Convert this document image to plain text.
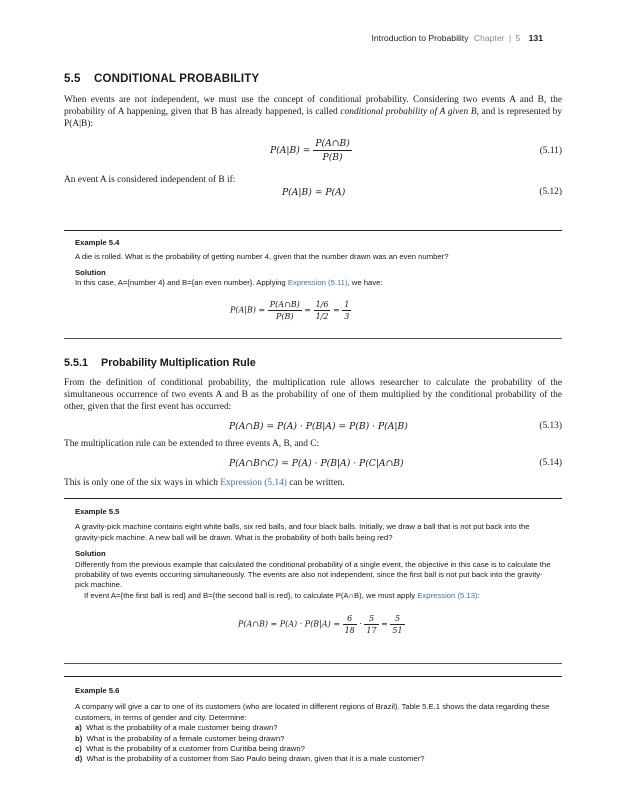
Introduction to Probability Chapter | 5 131
5.5 CONDITIONAL PROBABILITY
When events are not independent, we must use the concept of conditional probability. Considering two events A and B, the probability of A happening, given that B has already happened, is called conditional probability of A given B, and is represented by P(A|B):
$P(A|B) = \frac{P(A\cap B)}{P(B)}$	(5.11)
An event A is considered independent of B if:
P(A|B) = P(A)	(5.12)
Example 5.4
A die is rolled. What is the probability of getting number 4, given that the number drawn was an even number?
Solution
In this case, A={number 4} and B={an even number}. Applying Expression (5.11), we have:
$P(A|B) = \frac{P(A\cap B)}{P(B)} = \frac{1/6}{1/2} = \frac{1}{3}$
5.5.1 Probability Multiplication Rule
From the definition of conditional probability, the multiplication rule allows researcher to calculate the probability of the simultaneous occurrence of two events A and B as the probability of one of them multiplied by the conditional probability of the other, given that the first event has occurred:
P(A∩B) = P(A) · P(B|A) = P(B) · P(A|B)	(5.13)
The multiplication rule can be extended to three events A, B, and C:
P(A∩B∩C) = P(A) · P(B|A) · P(C|A∩B)	(5.14)
This is only one of the six ways in which Expression (5.14) can be written.
Example 5.5
A gravity-pick machine contains eight white balls, six red balls, and four black balls. Initially, we draw a ball that is not put back into the gravity-pick machine. A new ball will be drawn. What is the probability of both balls being red?
Solution
Differently from the previous example that calculated the conditional probability of a single event, the objective in this case is to calculate the probability of two events occurring simultaneously. The events are also not independent, since the first ball is not put back into the gravity-pick machine.
If event A={the first ball is red} and B={the second ball is red}, to calculate P(A∩B), we must apply Expression (5.13):
P(A∩B) = $P(A) \cdot P(B|A) = \frac{6}{18} \cdot \frac{5}{17} = \frac{5}{51}$
Example 5.6
A company will give a car to one of its customers (who are located in different regions of Brazil). Table 5.E.1 shows the data regarding these customers, in terms of gender and city. Determine:
a) What is the probability of a male customer being drawn?
b) What is the probability of a female customer being drawn?
c) What is the probability of a customer from Curitiba being drawn?
d) What is the probability of a customer from Sao Paulo being drawn, given that it is a male customer?
